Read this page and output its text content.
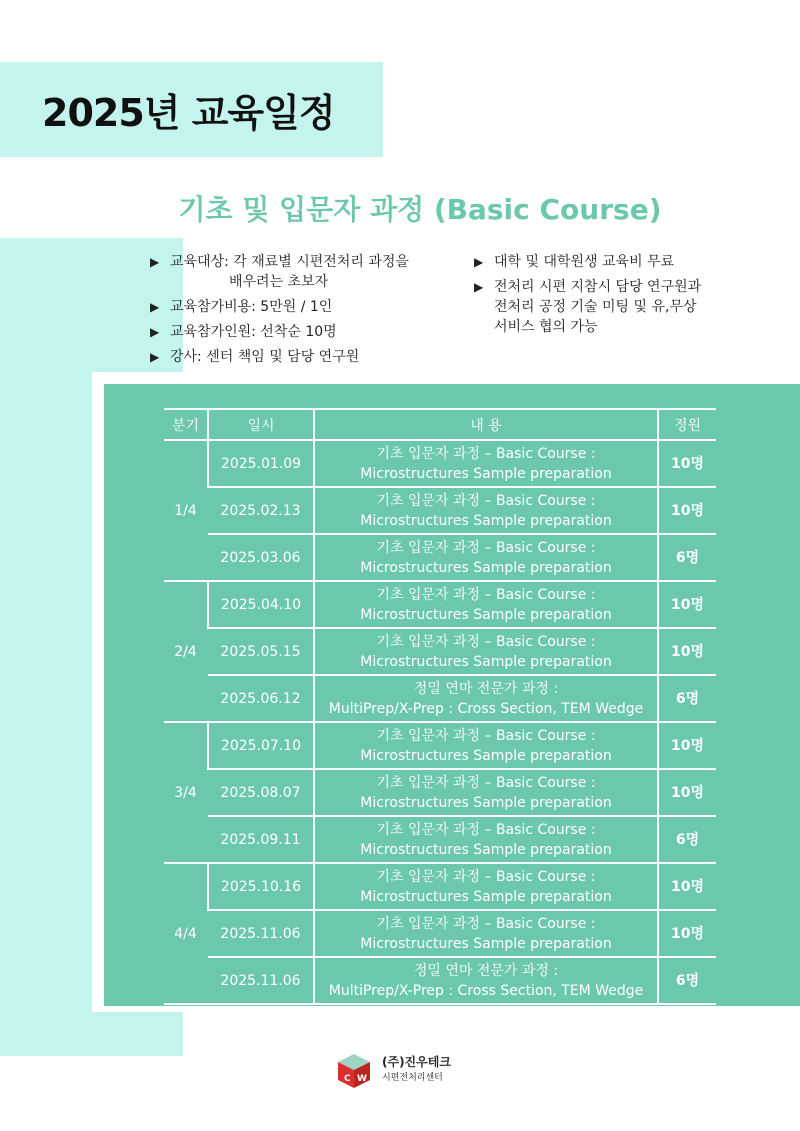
2025년 교육일정
기초 및 입문자 과정 (Basic Course)
▶ 교육대상: 각 재료별 시편전처리 과정을
배우려는 초보자
▶ 교육참가비용: 5만원 / 1인
▶ 교육참가인원: 선착순 10명
▶ 강사: 센터 책임 및 담당 연구원
▶ 대학 및 대학원생 교육비 무료
▶ 전처리 시편 지참시 담당 연구원과
전처리 공정 기술 미팅 및 유,무상
서비스 협의 가능
분기	일시	내 용	정원
1/4	2025.01.09	기초 입문자 과정 – Basic Course :
Microstructures Sample preparation	10명
	2025.02.13	기초 입문자 과정 – Basic Course :
Microstructures Sample preparation	10명
	2025.03.06	기초 입문자 과정 – Basic Course :
Microstructures Sample preparation	6명
2/4	2025.04.10	기초 입문자 과정 – Basic Course :
Microstructures Sample preparation	10명
	2025.05.15	기초 입문자 과정 – Basic Course :
Microstructures Sample preparation	10명
	2025.06.12	정밀 연마 전문가 과정 :
MultiPrep/X-Prep : Cross Section, TEM Wedge	6명
3/4	2025.07.10	기초 입문자 과정 – Basic Course :
Microstructures Sample preparation	10명
	2025.08.07	기초 입문자 과정 – Basic Course :
Microstructures Sample preparation	10명
	2025.09.11	기초 입문자 과정 – Basic Course :
Microstructures Sample preparation	6명
4/4	2025.10.16	기초 입문자 과정 – Basic Course :
Microstructures Sample preparation	10명
	2025.11.06	기초 입문자 과정 – Basic Course :
Microstructures Sample preparation	10명
	2025.11.06	정밀 연마 전문가 과정 :
MultiPrep/X-Prep : Cross Section, TEM Wedge	6명
C W
(주)진우테크
시편전처리센터
